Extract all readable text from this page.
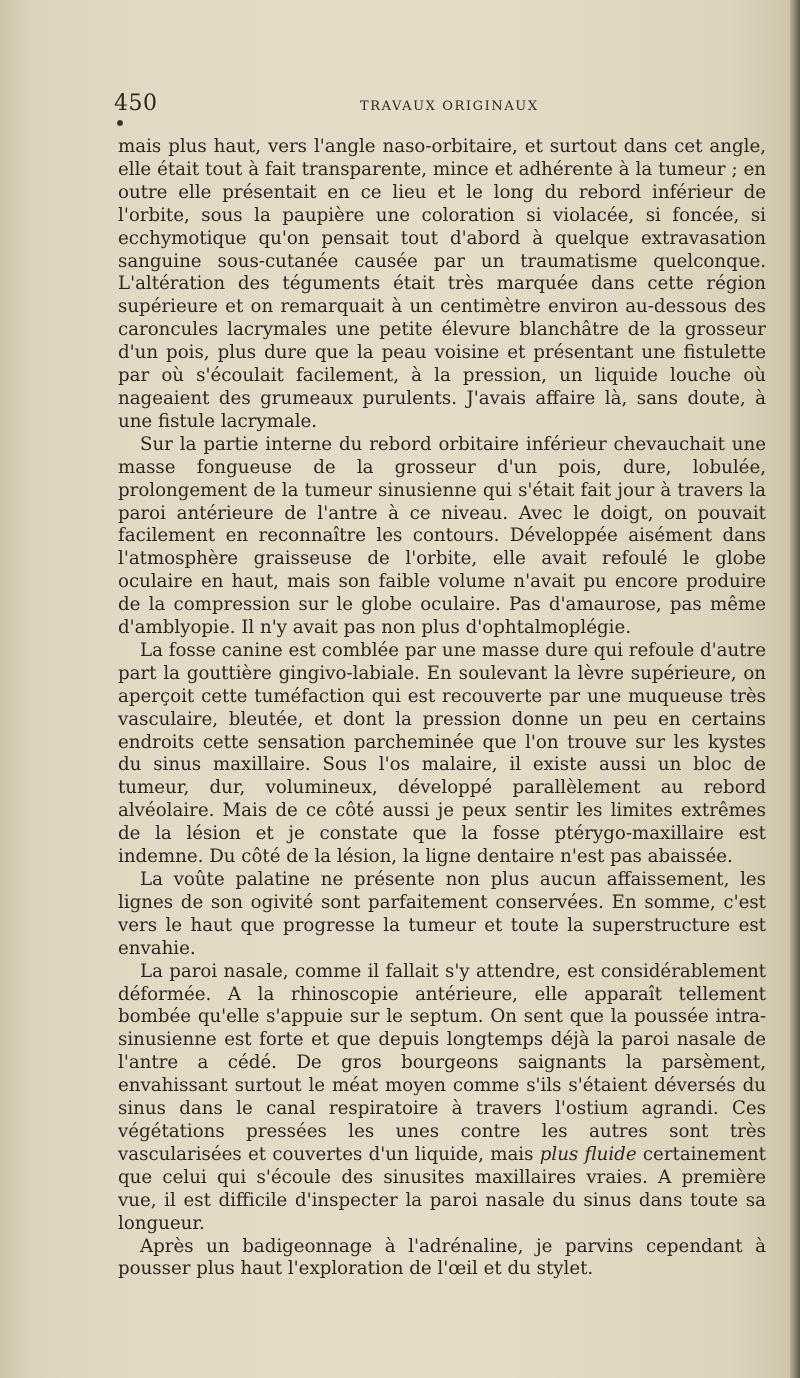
450	TRAVAUX ORIGINAUX

mais plus haut, vers l'angle naso-orbitaire, et surtout dans cet angle, elle était tout à fait transparente, mince et adhérente à la tumeur ; en outre elle présentait en ce lieu et le long du rebord inférieur de l'orbite, sous la paupière une coloration si violacée, si foncée, si ecchymotique qu'on pensait tout d'abord à quelque extravasation sanguine sous-cutanée causée par un traumatisme quelconque. L'altération des téguments était très marquée dans cette région supérieure et on remarquait à un centimètre environ au-dessous des caroncules lacrymales une petite élevure blanchâtre de la grosseur d'un pois, plus dure que la peau voisine et présentant une fistulette par où s'écoulait facilement, à la pression, un liquide louche où nageaient des grumeaux purulents. J'avais affaire là, sans doute, à une fistule lacrymale.

Sur la partie interne du rebord orbitaire inférieur chevauchait une masse fongueuse de la grosseur d'un pois, dure, lobulée, prolongement de la tumeur sinusienne qui s'était fait jour à travers la paroi antérieure de l'antre à ce niveau. Avec le doigt, on pouvait facilement en reconnaître les contours. Développée aisément dans l'atmosphère graisseuse de l'orbite, elle avait refoulé le globe oculaire en haut, mais son faible volume n'avait pu encore produire de la compression sur le globe oculaire. Pas d'amaurose, pas même d'amblyopie. Il n'y avait pas non plus d'ophtalmoplégie.

La fosse canine est comblée par une masse dure qui refoule d'autre part la gouttière gingivo-labiale. En soulevant la lèvre supérieure, on aperçoit cette tuméfaction qui est recouverte par une muqueuse très vasculaire, bleutée, et dont la pression donne un peu en certains endroits cette sensation parcheminée que l'on trouve sur les kystes du sinus maxillaire. Sous l'os malaire, il existe aussi un bloc de tumeur, dur, volumineux, développé parallèlement au rebord alvéolaire. Mais de ce côté aussi je peux sentir les limites extrêmes de la lésion et je constate que la fosse ptérygo-maxillaire est indemne. Du côté de la lésion, la ligne dentaire n'est pas abaissée.

La voûte palatine ne présente non plus aucun affaissement, les lignes de son ogivité sont parfaitement conservées. En somme, c'est vers le haut que progresse la tumeur et toute la superstructure est envahie.

La paroi nasale, comme il fallait s'y attendre, est considérablement déformée. A la rhinoscopie antérieure, elle apparaît tellement bombée qu'elle s'appuie sur le septum. On sent que la poussée intra-sinusienne est forte et que depuis longtemps déjà la paroi nasale de l'antre a cédé. De gros bourgeons saignants la parsèment, envahissant surtout le méat moyen comme s'ils s'étaient déversés du sinus dans le canal respiratoire à travers l'ostium agrandi. Ces végétations pressées les unes contre les autres sont très vascularisées et couvertes d'un liquide, mais plus fluide certainement que celui qui s'écoule des sinusites maxillaires vraies. A première vue, il est difficile d'inspecter la paroi nasale du sinus dans toute sa longueur.

Après un badigeonnage à l'adrénaline, je parvins cependant à pousser plus haut l'exploration de l'œil et du stylet.
